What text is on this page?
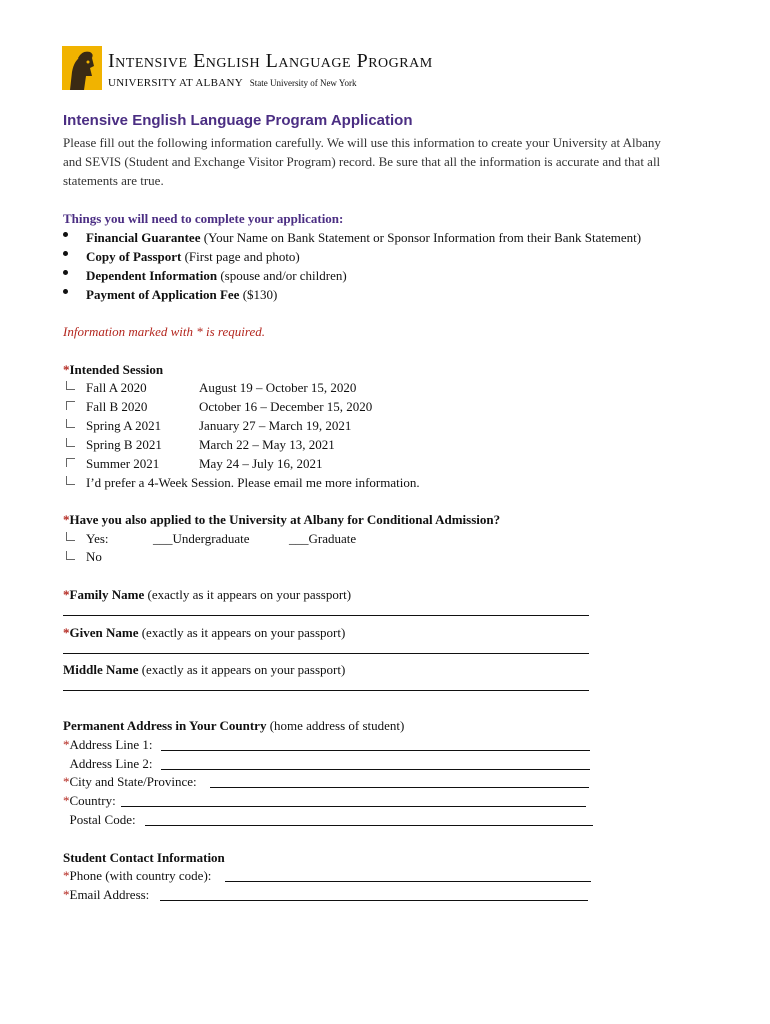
Intensive English Language Program
UNIVERSITY AT ALBANY State University of New York
Intensive English Language Program Application
Please fill out the following information carefully. We will use this information to create your University at Albany
and SEVIS (Student and Exchange Visitor Program) record. Be sure that all the information is accurate and that all
statements are true.
Things you will need to complete your application:
Financial Guarantee (Your Name on Bank Statement or Sponsor Information from their Bank Statement)
Copy of Passport (First page and photo)
Dependent Information (spouse and/or children)
Payment of Application Fee ($130)
Information marked with * is required.
*Intended Session
Fall A 2020	August 19 – October 15, 2020
Fall B 2020	October 16 – December 15, 2020
Spring A 2021	January 27 – March 19, 2021
Spring B 2021	March 22 – May 13, 2021
Summer 2021	May 24 – July 16, 2021
I’d prefer a 4-Week Session. Please email me more information.
*Have you also applied to the University at Albany for Conditional Admission?
Yes:	___Undergraduate	___Graduate
No
*Family Name (exactly as it appears on your passport)
*Given Name (exactly as it appears on your passport)
Middle Name (exactly as it appears on your passport)
Permanent Address in Your Country (home address of student)
*Address Line 1:
Address Line 2:
*City and State/Province:
*Country:
Postal Code:
Student Contact Information
*Phone (with country code):
*Email Address:
